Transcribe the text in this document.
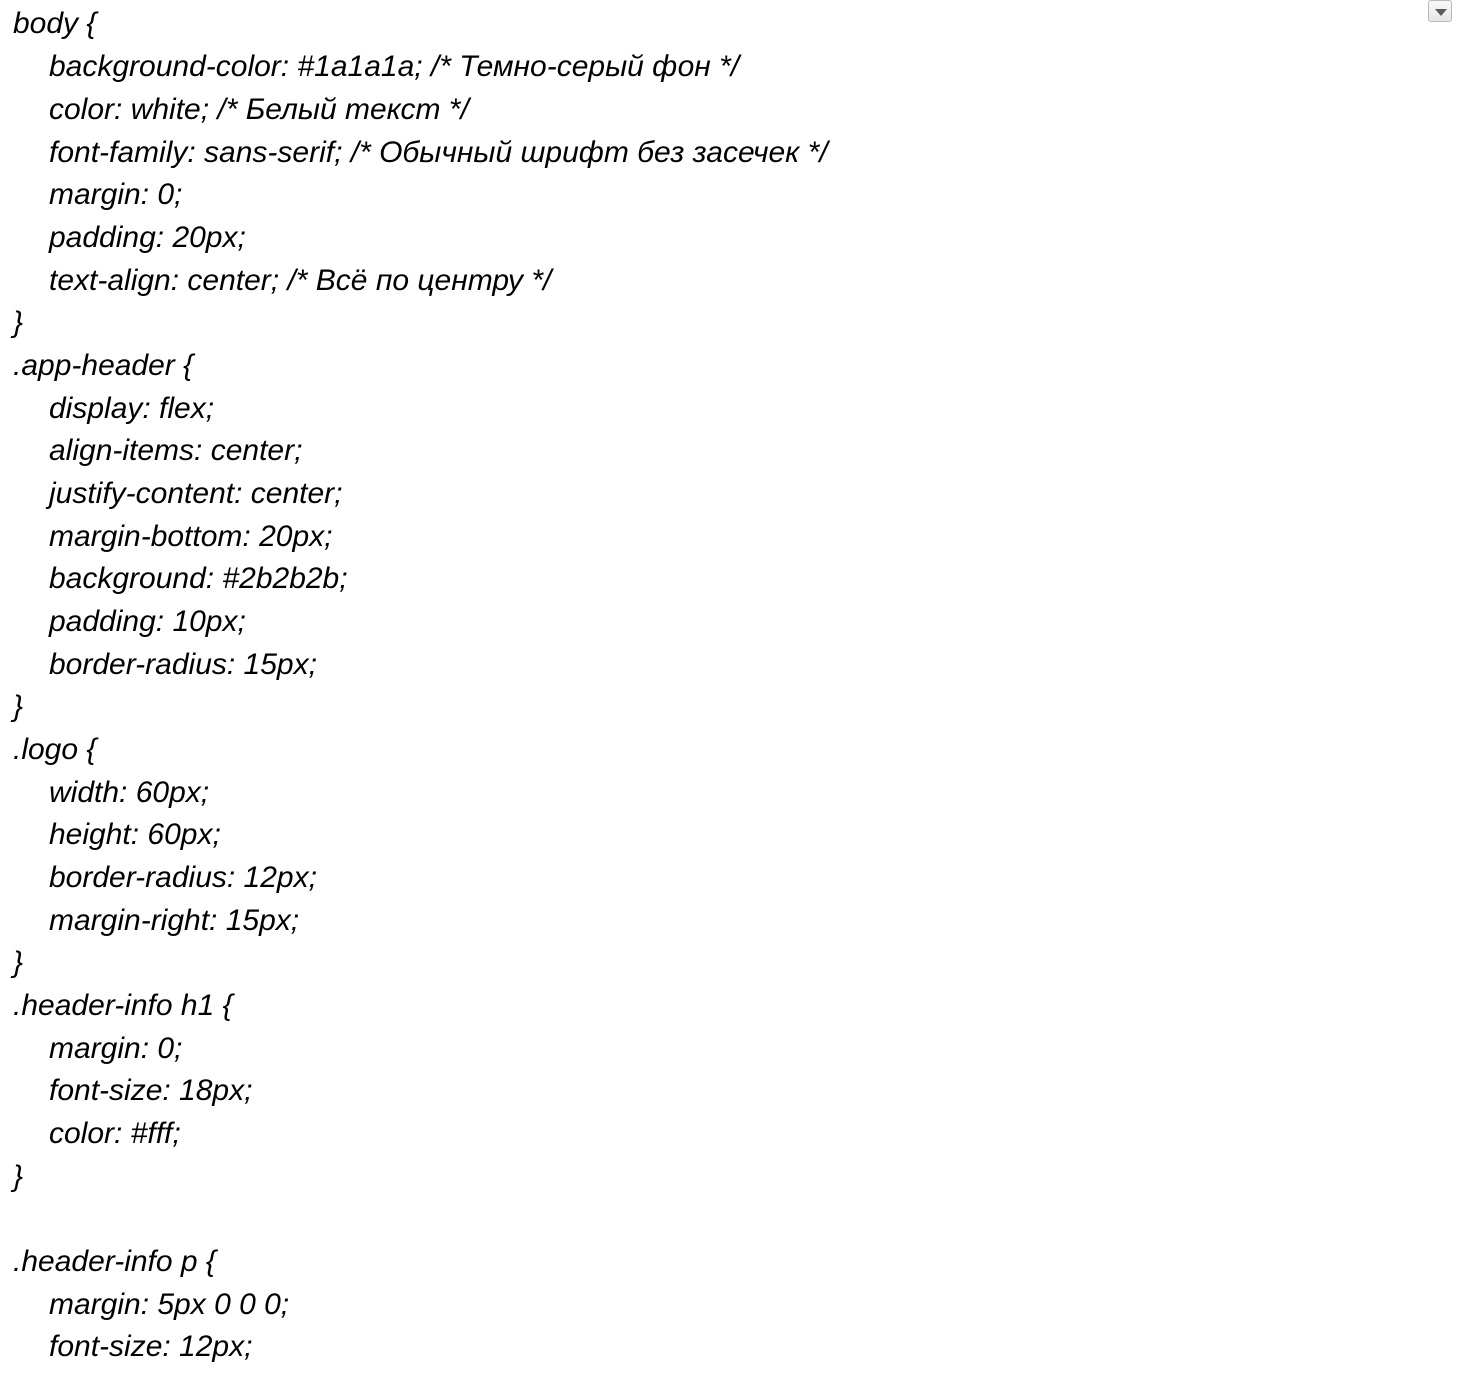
body {
background-color: #1a1a1a; /* Темно-серый фон */
color: white; /* Белый текст */
font-family: sans-serif; /* Обычный шрифт без засечек */
margin: 0;
padding: 20px;
text-align: center; /* Всё по центру */
}
.app-header {
display: flex;
align-items: center;
justify-content: center;
margin-bottom: 20px;
background: #2b2b2b;
padding: 10px;
border-radius: 15px;
}
.logo {
width: 60px;
height: 60px;
border-radius: 12px;
margin-right: 15px;
}
.header-info h1 {
margin: 0;
font-size: 18px;
color: #fff;
}
.header-info p {
margin: 5px 0 0 0;
font-size: 12px;
